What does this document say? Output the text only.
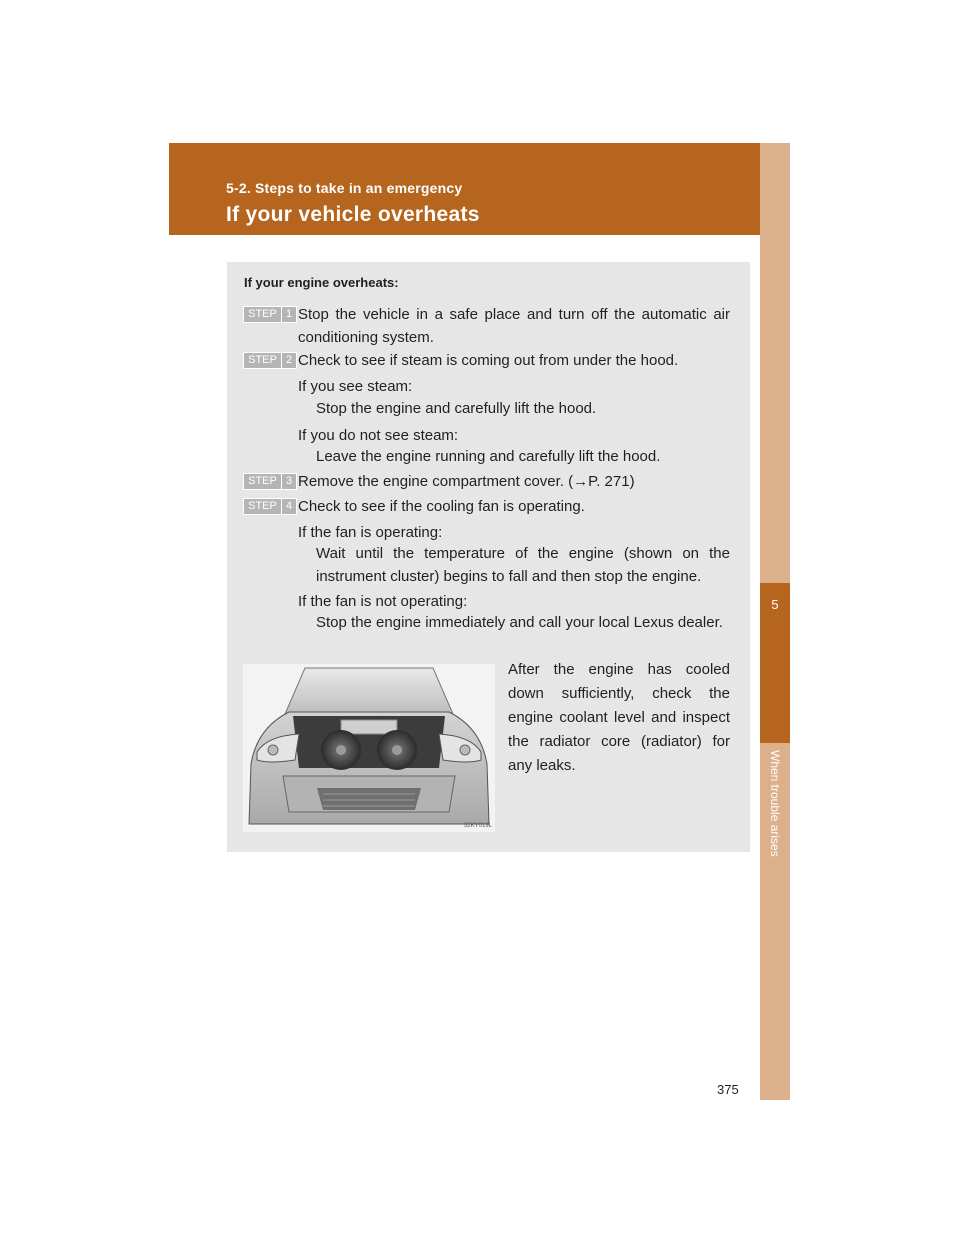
5-2. Steps to take in an emergency
If your vehicle overheats
5
When trouble arises
If your engine overheats:
STEP 1 Stop the vehicle in a safe place and turn off the automatic air conditioning system.
STEP 2 Check to see if steam is coming out from under the hood.
If you see steam:
Stop the engine and carefully lift the hood.
If you do not see steam:
Leave the engine running and carefully lift the hood.
STEP 3 Remove the engine compartment cover. (→P. 271)
STEP 4 Check to see if the cooling fan is operating.
If the fan is operating:
Wait until the temperature of the engine (shown on the instrument cluster) begins to fall and then stop the engine.
If the fan is not operating:
Stop the engine immediately and call your local Lexus dealer.
52KY019L
After the engine has cooled down sufficiently, check the engine coolant level and inspect the radiator core (radiator) for any leaks.
375
